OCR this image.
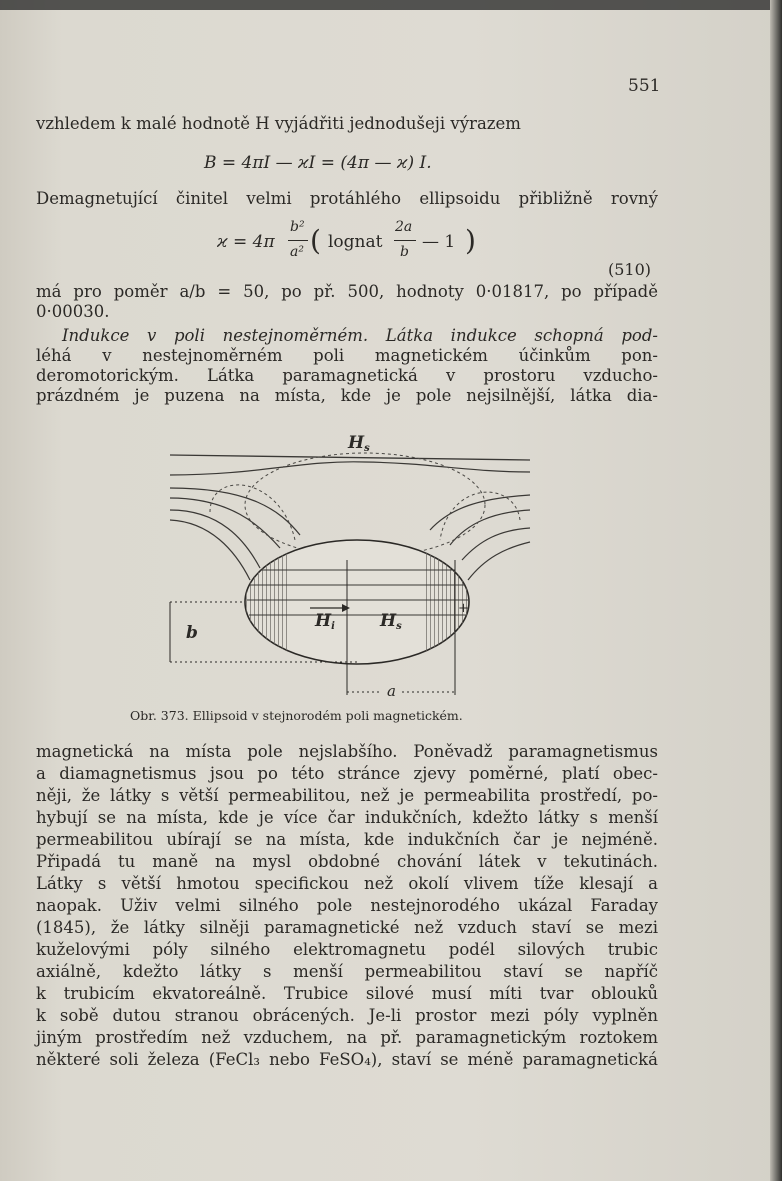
551
vzhledem k malé hodnotě H vyjádřiti jednodušeji výrazem
B = 4πI — ϰI = (4π — ϰ) I.
Demagnetující činitel velmi protáhlého ellipsoidu přibližně rovný
ϰ = 4π
b²
a² ( lognat
2a
b — 1 )
(510)
má pro poměr a/b = 50, po př. 500, hodnoty 0·01817, po případě
0·00030.
Indukce v poli nestejnoměrném. Látka indukce schopná pod-
léhá v nestejnoměrném poli magnetickém účinkům pon-
deromotorickým. Látka paramagnetická v prostoru vzducho-
prázdném je puzena na místa, kde je pole nejsilnější, látka dia-
Hs
Hi	Hs
b
a
+
Obr. 373. Ellipsoid v stejnorodém poli magnetickém.
magnetická na místa pole nejslabšího. Poněvadž paramagnetismus
a diamagnetismus jsou po této stránce zjevy poměrné, platí obec-
něji, že látky s větší permeabilitou, než je permeabilita prostředí, po-
hybují se na místa, kde je více čar indukčních, kdežto látky s menší
permeabilitou ubírají se na místa, kde indukčních čar je nejméně.
Připadá tu maně na mysl obdobné chování látek v tekutinách.
Látky s větší hmotou specifickou než okolí vlivem tíže klesají a
naopak. Uživ velmi silného pole nestejnorodého ukázal Faraday
(1845), že látky silněji paramagnetické než vzduch staví se mezi
kuželovými póly silného elektromagnetu podél silových trubic
axiálně, kdežto látky s menší permeabilitou staví se napříč
k trubicím ekvatoreálně. Trubice silové musí míti tvar oblouků
k sobě dutou stranou obrácených. Je-li prostor mezi póly vyplněn
jiným prostředím než vzduchem, na př. paramagnetickým roztokem
některé soli železa (FeCl₃ nebo FeSO₄), staví se méně paramagnetická
